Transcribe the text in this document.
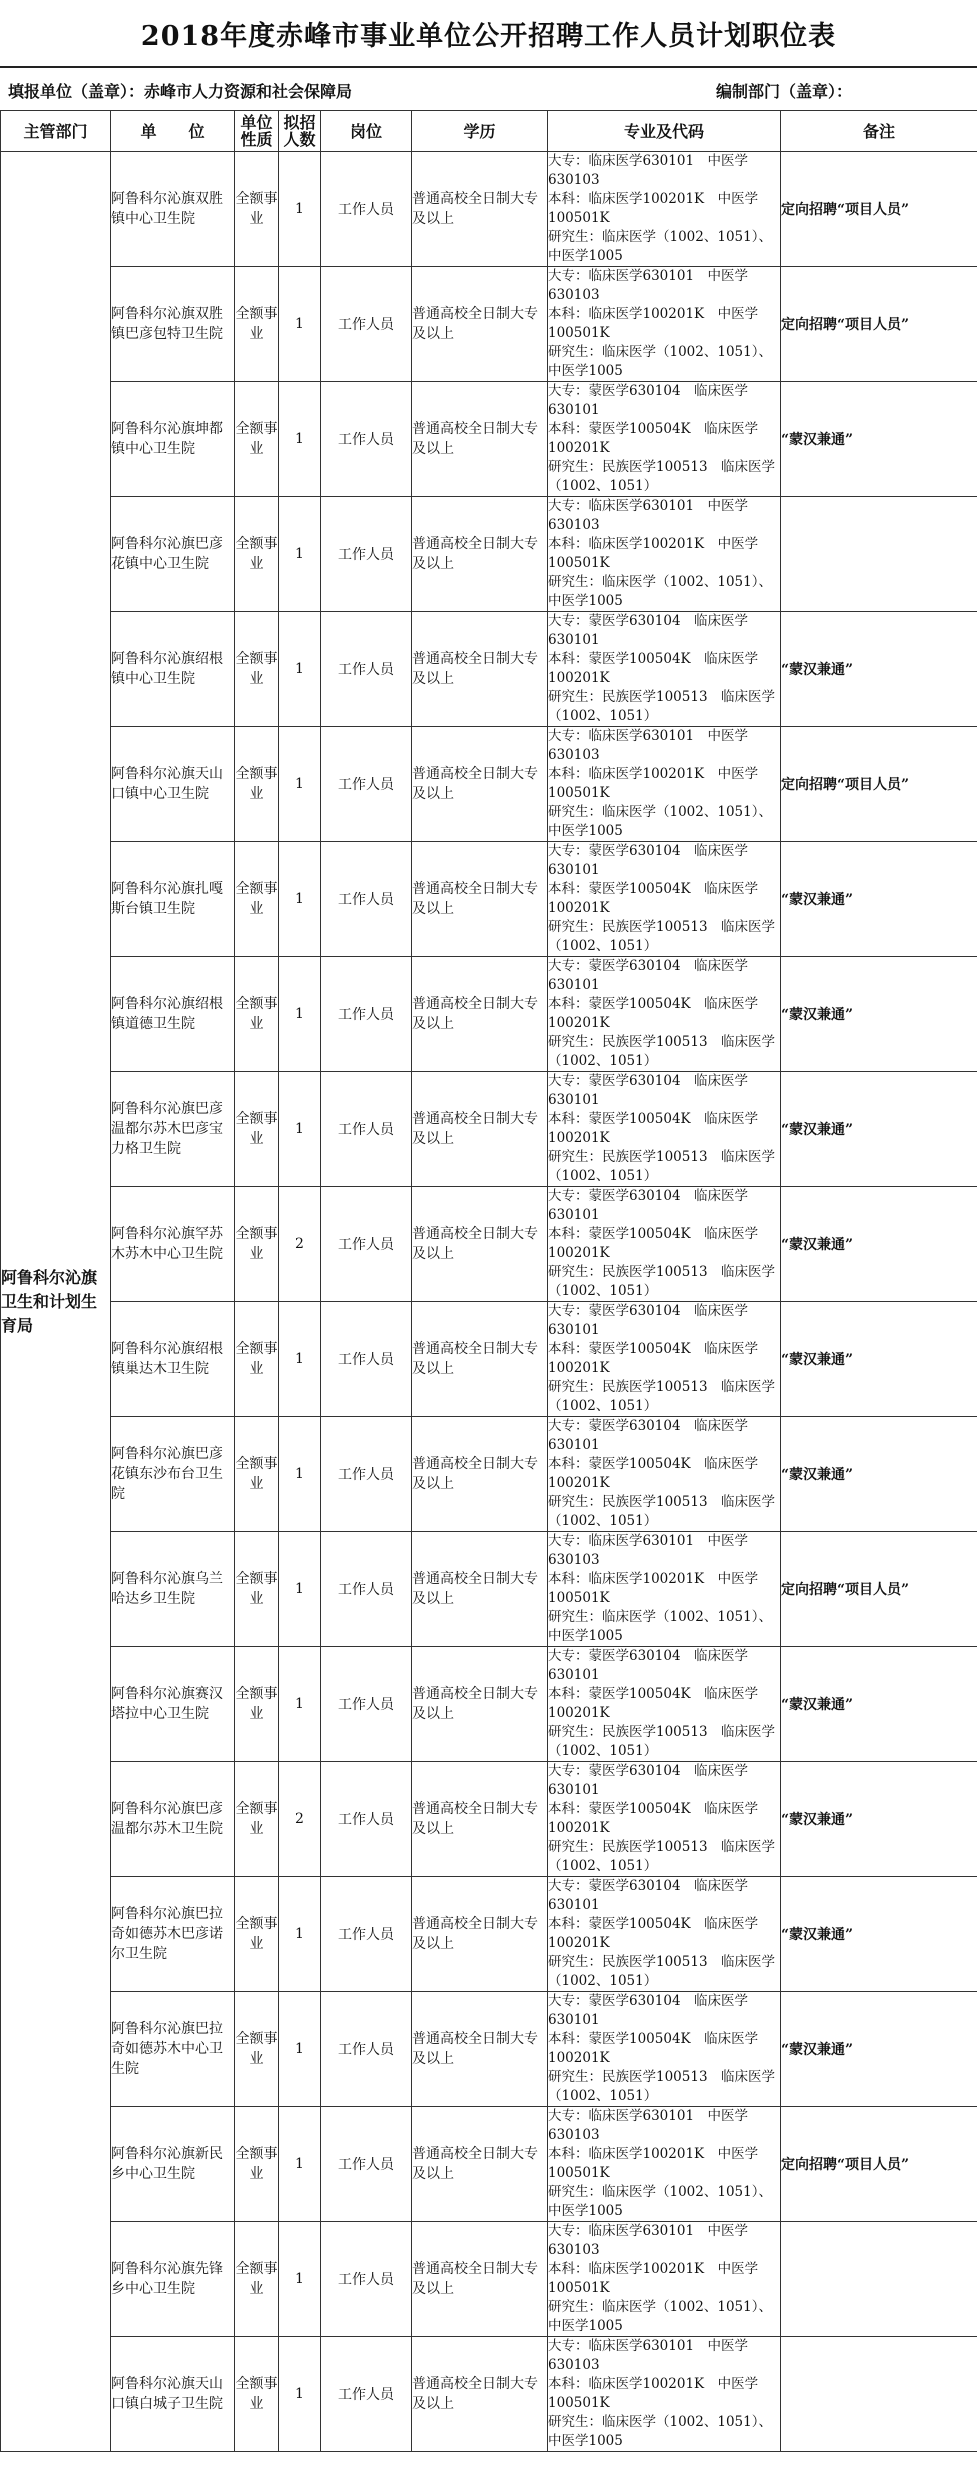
2018年度赤峰市事业单位公开招聘工作人员计划职位表
填报单位（盖章）：赤峰市人力资源和社会保障局	编制部门（盖章）：
主管部门	单　　位	单位性质	拟招人数	岗位	学历	专业及代码	备注
阿鲁科尔沁旗卫生和计划生育局	阿鲁科尔沁旗双胜镇中心卫生院	全额事业	1	工作人员	普通高校全日制大专及以上	大专：临床医学630101　中医学630103
本科：临床医学100201K　中医学100501K
研究生：临床医学（1002、1051）、中医学1005	定向招聘“项目人员”
	阿鲁科尔沁旗双胜镇巴彦包特卫生院	全额事业	1	工作人员	普通高校全日制大专及以上	大专：临床医学630101　中医学630103
本科：临床医学100201K　中医学100501K
研究生：临床医学（1002、1051）、中医学1005	定向招聘“项目人员”
	阿鲁科尔沁旗坤都镇中心卫生院	全额事业	1	工作人员	普通高校全日制大专及以上	大专：蒙医学630104　临床医学630101
本科：蒙医学100504K　临床医学100201K
研究生：民族医学100513　临床医学（1002、1051）	“蒙汉兼通”
	阿鲁科尔沁旗巴彦花镇中心卫生院	全额事业	1	工作人员	普通高校全日制大专及以上	大专：临床医学630101　中医学630103
本科：临床医学100201K　中医学100501K
研究生：临床医学（1002、1051）、中医学1005	
	阿鲁科尔沁旗绍根镇中心卫生院	全额事业	1	工作人员	普通高校全日制大专及以上	大专：蒙医学630104　临床医学630101
本科：蒙医学100504K　临床医学100201K
研究生：民族医学100513　临床医学（1002、1051）	“蒙汉兼通”
	阿鲁科尔沁旗天山口镇中心卫生院	全额事业	1	工作人员	普通高校全日制大专及以上	大专：临床医学630101　中医学630103
本科：临床医学100201K　中医学100501K
研究生：临床医学（1002、1051）、中医学1005	定向招聘“项目人员”
	阿鲁科尔沁旗扎嘎斯台镇卫生院	全额事业	1	工作人员	普通高校全日制大专及以上	大专：蒙医学630104　临床医学630101
本科：蒙医学100504K　临床医学100201K
研究生：民族医学100513　临床医学（1002、1051）	“蒙汉兼通”
	阿鲁科尔沁旗绍根镇道德卫生院	全额事业	1	工作人员	普通高校全日制大专及以上	大专：蒙医学630104　临床医学630101
本科：蒙医学100504K　临床医学100201K
研究生：民族医学100513　临床医学（1002、1051）	“蒙汉兼通”
	阿鲁科尔沁旗巴彦温都尔苏木巴彦宝力格卫生院	全额事业	1	工作人员	普通高校全日制大专及以上	大专：蒙医学630104　临床医学630101
本科：蒙医学100504K　临床医学100201K
研究生：民族医学100513　临床医学（1002、1051）	“蒙汉兼通”
	阿鲁科尔沁旗罕苏木苏木中心卫生院	全额事业	2	工作人员	普通高校全日制大专及以上	大专：蒙医学630104　临床医学630101
本科：蒙医学100504K　临床医学100201K
研究生：民族医学100513　临床医学（1002、1051）	“蒙汉兼通”
	阿鲁科尔沁旗绍根镇巢达木卫生院	全额事业	1	工作人员	普通高校全日制大专及以上	大专：蒙医学630104　临床医学630101
本科：蒙医学100504K　临床医学100201K
研究生：民族医学100513　临床医学（1002、1051）	“蒙汉兼通”
	阿鲁科尔沁旗巴彦花镇东沙布台卫生院	全额事业	1	工作人员	普通高校全日制大专及以上	大专：蒙医学630104　临床医学630101
本科：蒙医学100504K　临床医学100201K
研究生：民族医学100513　临床医学（1002、1051）	“蒙汉兼通”
	阿鲁科尔沁旗乌兰哈达乡卫生院	全额事业	1	工作人员	普通高校全日制大专及以上	大专：临床医学630101　中医学630103
本科：临床医学100201K　中医学100501K
研究生：临床医学（1002、1051）、中医学1005	定向招聘“项目人员”
	阿鲁科尔沁旗赛汉塔拉中心卫生院	全额事业	1	工作人员	普通高校全日制大专及以上	大专：蒙医学630104　临床医学630101
本科：蒙医学100504K　临床医学100201K
研究生：民族医学100513　临床医学（1002、1051）	“蒙汉兼通”
	阿鲁科尔沁旗巴彦温都尔苏木卫生院	全额事业	2	工作人员	普通高校全日制大专及以上	大专：蒙医学630104　临床医学630101
本科：蒙医学100504K　临床医学100201K
研究生：民族医学100513　临床医学（1002、1051）	“蒙汉兼通”
	阿鲁科尔沁旗巴拉奇如德苏木巴彦诺尔卫生院	全额事业	1	工作人员	普通高校全日制大专及以上	大专：蒙医学630104　临床医学630101
本科：蒙医学100504K　临床医学100201K
研究生：民族医学100513　临床医学（1002、1051）	“蒙汉兼通”
	阿鲁科尔沁旗巴拉奇如德苏木中心卫生院	全额事业	1	工作人员	普通高校全日制大专及以上	大专：蒙医学630104　临床医学630101
本科：蒙医学100504K　临床医学100201K
研究生：民族医学100513　临床医学（1002、1051）	“蒙汉兼通”
	阿鲁科尔沁旗新民乡中心卫生院	全额事业	1	工作人员	普通高校全日制大专及以上	大专：临床医学630101　中医学630103
本科：临床医学100201K　中医学100501K
研究生：临床医学（1002、1051）、中医学1005	定向招聘“项目人员”
	阿鲁科尔沁旗先锋乡中心卫生院	全额事业	1	工作人员	普通高校全日制大专及以上	大专：临床医学630101　中医学630103
本科：临床医学100201K　中医学100501K
研究生：临床医学（1002、1051）、中医学1005	
	阿鲁科尔沁旗天山口镇白城子卫生院	全额事业	1	工作人员	普通高校全日制大专及以上	大专：临床医学630101　中医学630103
本科：临床医学100201K　中医学100501K
研究生：临床医学（1002、1051）、中医学1005	
